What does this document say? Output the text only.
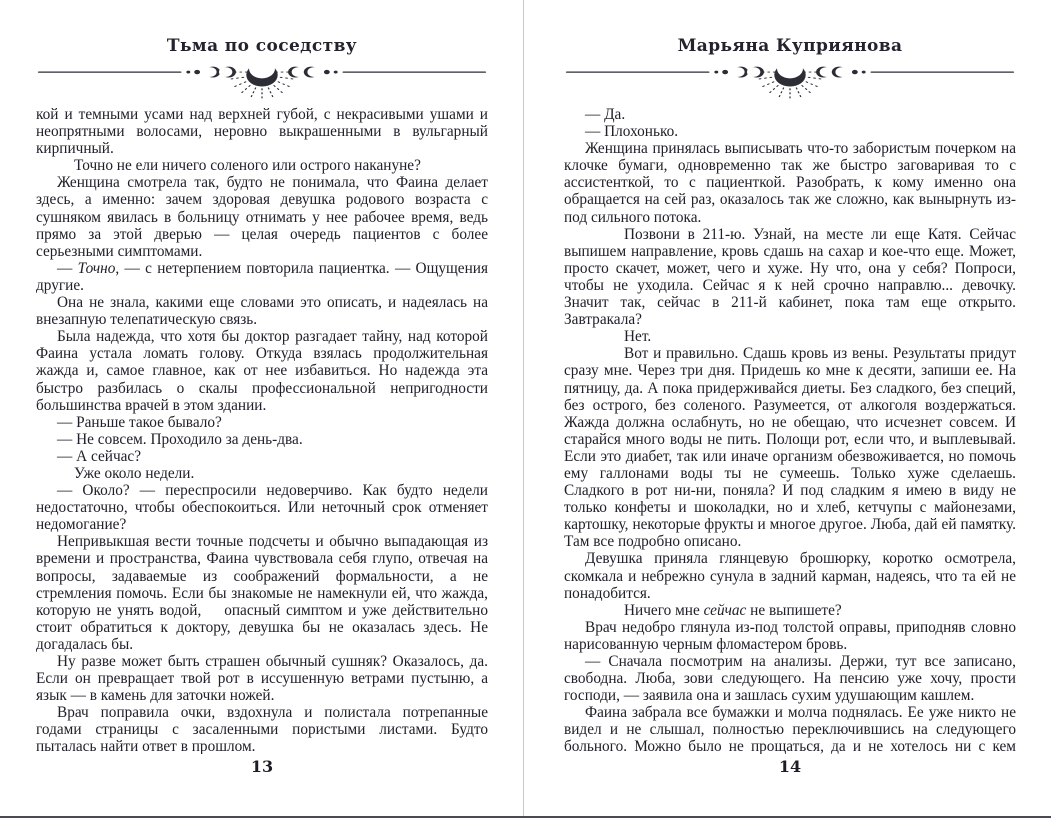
Тьма по соседству

кой и темными усами над верхней губой, с некрасивыми ушами и неопрятными волосами, неровно выкрашенными в вульгарный кирпичный.

Точно не ели ничего соленого или острого накануне?

Женщина смотрела так, будто не понимала, что Фаина делает здесь, а именно: зачем здоровая девушка родового возраста с сушняком явилась в больницу отнимать у нее рабочее время, ведь прямо за этой дверью — целая очередь пациентов с более серьезными симптомами.

— Точно, — с нетерпением повторила пациентка. — Ощущения другие.

Она не знала, какими еще словами это описать, и надеялась на внезапную телепатическую связь.

Была надежда, что хотя бы доктор разгадает тайну, над которой Фаина устала ломать голову. Откуда взялась продолжительная жажда и, самое главное, как от нее избавиться. Но надежда эта быстро разбилась о скалы профессиональной непригодности большинства врачей в этом здании.

— Раньше такое бывало?

— Не совсем. Проходило за день-два.

— А сейчас?

Уже около недели.

— Около? — переспросили недоверчиво. Как будто недели недостаточно, чтобы обеспокоиться. Или неточный срок отменяет недомогание?

Непривыкшая вести точные подсчеты и обычно выпадающая из времени и пространства, Фаина чувствовала себя глупо, отвечая на вопросы, задаваемые из соображений формальности, а не стремления помочь. Если бы знакомые не намекнули ей, что жажда, которую не унять водой,  опасный симптом и уже действительно стоит обратиться к доктору, девушка бы не оказалась здесь. Не догадалась бы.

Ну разве может быть страшен обычный сушняк? Оказалось, да. Если он превращает твой рот в иссушенную ветрами пустыню, а язык — в камень для заточки ножей.

Врач поправила очки, вздохнула и полистала потрепанные годами страницы с засаленными пористыми листами. Будто пыталась найти ответ в прошлом.

13
Марьяна Куприянова

— Да.

— Плохонько.

Женщина принялась выписывать что-то забористым почерком на клочке бумаги, одновременно так же быстро заговаривая то с ассистенткой, то с пациенткой. Разобрать, к кому именно она обращается на сей раз, оказалось так же сложно, как вынырнуть из-под сильного потока.

Позвони в 211-ю. Узнай, на месте ли еще Катя. Сейчас выпишем направление, кровь сдашь на сахар и кое-что еще. Может, просто скачет, может, чего и хуже. Ну что, она у себя? Попроси, чтобы не уходила. Сейчас я к ней срочно направлю... девочку. Значит так, сейчас в 211-й кабинет, пока там еще открыто. Завтракала?

Нет.

Вот и правильно. Сдашь кровь из вены. Результаты придут сразу мне. Через три дня. Придешь ко мне к десяти, запиши ее. На пятницу, да. А пока придерживайся диеты. Без сладкого, без специй, без острого, без соленого. Разумеется, от алкоголя воздержаться. Жажда должна ослабнуть, но не обещаю, что исчезнет совсем. И старайся много воды не пить. Полощи рот, если что, и выплевывай. Если это диабет, так или иначе организм обезвоживается, но помочь ему галлонами воды ты не сумеешь. Только хуже сделаешь. Сладкого в рот ни-ни, поняла? И под сладким я имею в виду не только конфеты и шоколадки, но и хлеб, кетчупы с майонезами, картошку, некоторые фрукты и многое другое. Люба, дай ей памятку. Там все подробно описано.

Девушка приняла глянцевую брошюрку, коротко осмотрела, скомкала и небрежно сунула в задний карман, надеясь, что та ей не понадобится.

Ничего мне сейчас не выпишете?

Врач недобро глянула из-под толстой оправы, приподняв словно нарисованную черным фломастером бровь.

— Сначала посмотрим на анализы. Держи, тут все записано, свободна. Люба, зови следующего. На пенсию уже хочу, прости господи, — заявила она и зашлась сухим удушающим кашлем.

Фаина забрала все бумажки и молча поднялась. Ее уже никто не видел и не слышал, полностью переключившись на следующего больного. Можно было не прощаться, да и не хотелось ни с кем

14
